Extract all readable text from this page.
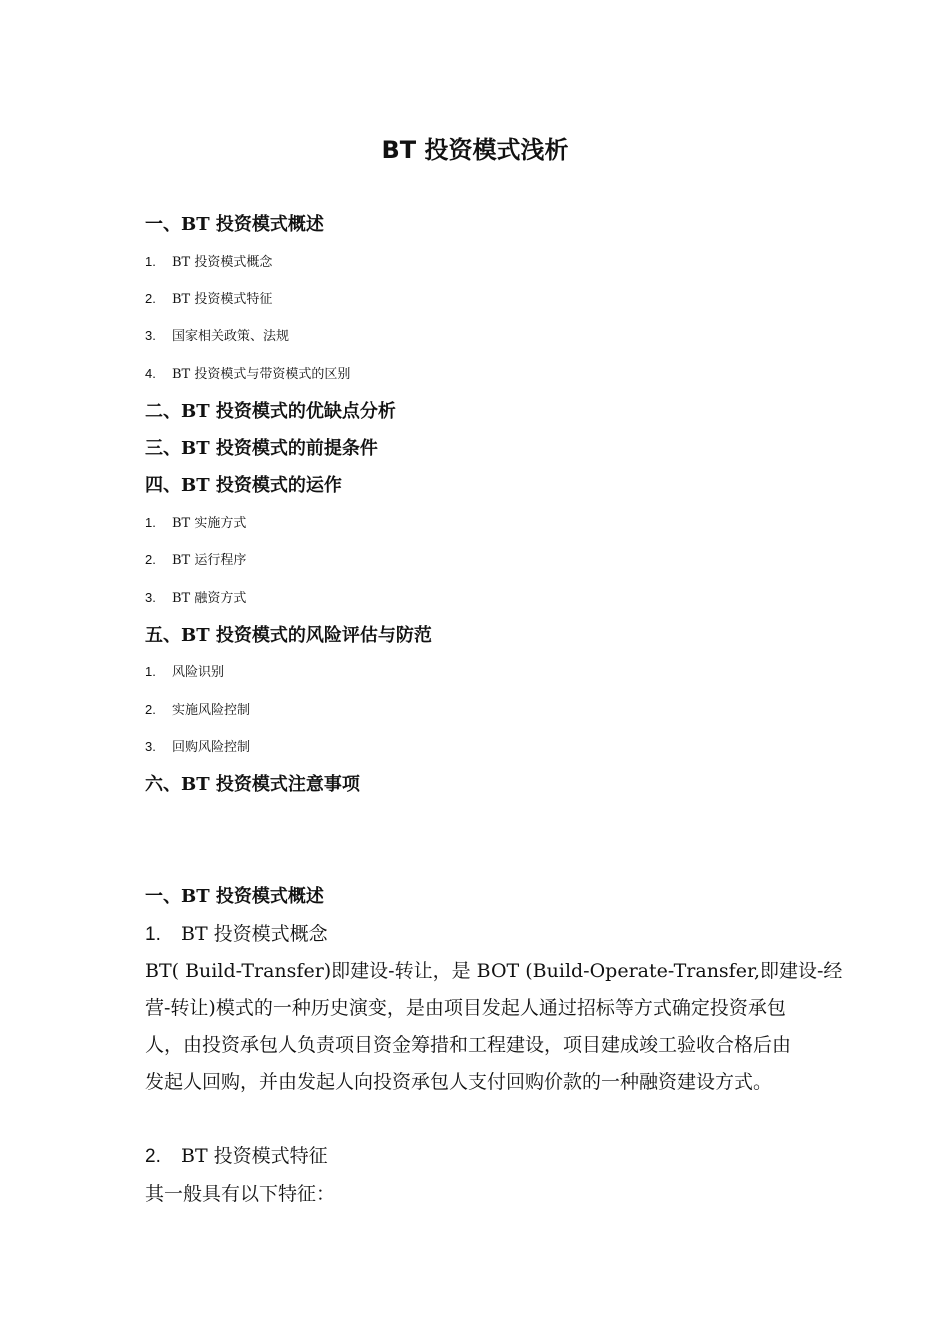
BT 投资模式浅析
一、BT 投资模式概述
1. BT 投资模式概念
2. BT 投资模式特征
3. 国家相关政策、法规
4. BT 投资模式与带资模式的区别
二、BT 投资模式的优缺点分析
三、BT 投资模式的前提条件
四、BT 投资模式的运作
1. BT 实施方式
2. BT 运行程序
3. BT 融资方式
五、BT 投资模式的风险评估与防范
1. 风险识别
2. 实施风险控制
3. 回购风险控制
六、BT 投资模式注意事项
一、BT 投资模式概述
1. BT 投资模式概念

BT( Build-Transfer)即建设-转让，是 BOT (Build-Operate-Transfer,即建设-经

营-转让)模式的一种历史演变，是由项目发起人通过招标等方式确定投资承包

人，由投资承包人负责项目资金筹措和工程建设，项目建成竣工验收合格后由

发起人回购，并由发起人向投资承包人支付回购价款的一种融资建设方式。

2. BT 投资模式特征
其一般具有以下特征：
